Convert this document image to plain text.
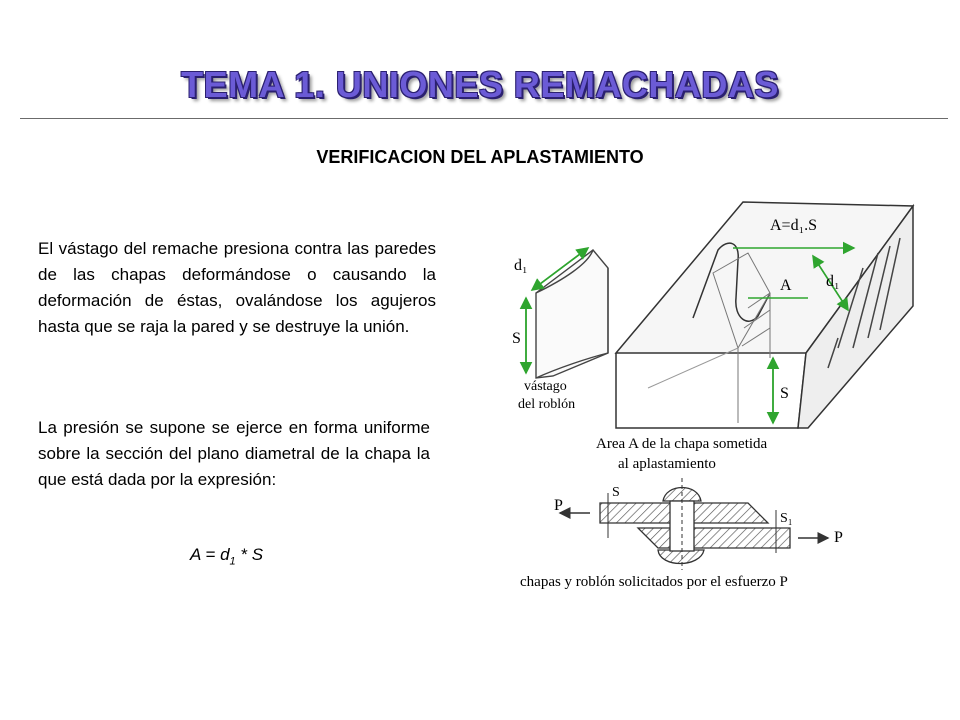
TEMA 1. UNIONES REMACHADAS
VERIFICACION DEL APLASTAMIENTO
El vástago del remache presiona contra las paredes de las chapas deformándose o causando la deformación de éstas, ovalándose los agujeros hasta que se raja la pared y se destruye la unión.
La presión se supone se ejerce en forma uniforme sobre la sección del plano diametral de la chapa la que está dada por la expresión:
$A = d_1 * S$
d₁
S
vástago
del roblón
A=d₁.S
A d₁
S
Area A de la chapa sometida
al aplastamiento
P
S
S₁
P
chapas y roblón solicitados por el esfuerzo P
